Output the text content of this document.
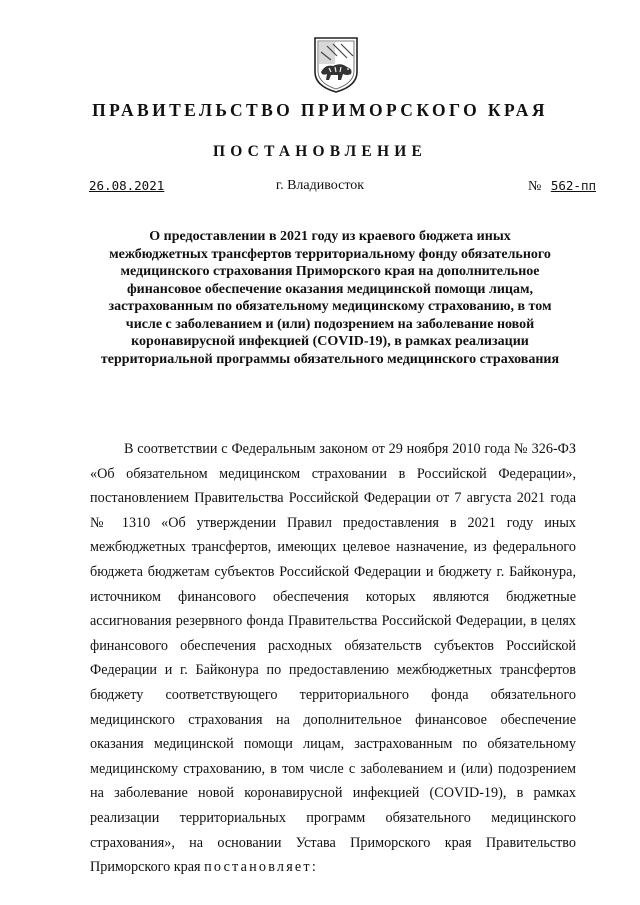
ПРАВИТЕЛЬСТВО ПРИМОРСКОГО КРАЯ
ПОСТАНОВЛЕНИЕ
26.08.2021	г. Владивосток	№ 562-пп

О предоставлении в 2021 году из краевого бюджета иных межбюджетных трансфертов территориальному фонду обязательного медицинского страхования Приморского края на дополнительное финансовое обеспечение оказания медицинской помощи лицам, застрахованным по обязательному медицинскому страхованию, в том числе с заболеванием и (или) подозрением на заболевание новой коронавирусной инфекцией (COVID-19), в рамках реализации территориальной программы обязательного медицинского страхования

В соответствии с Федеральным законом от 29 ноября 2010 года № 326-ФЗ «Об обязательном медицинском страховании в Российской Федерации», постановлением Правительства Российской Федерации от 7 августа 2021 года № 1310 «Об утверждении Правил предоставления в 2021 году иных межбюджетных трансфертов, имеющих целевое назначение, из федерального бюджета бюджетам субъектов Российской Федерации и бюджету г. Байконура, источником финансового обеспечения которых являются бюджетные ассигнования резервного фонда Правительства Российской Федерации, в целях финансового обеспечения расходных обязательств субъектов Российской Федерации и г. Байконура по предоставлению межбюджетных трансфертов бюджету соответствующего территориального фонда обязательного медицинского страхования на дополнительное финансовое обеспечение оказания медицинской помощи лицам, застрахованным по обязательному медицинскому страхованию, в том числе с заболеванием и (или) подозрением на заболевание новой коронавирусной инфекцией (COVID-19), в рамках реализации территориальных программ обязательного медицинского страхования», на основании Устава Приморского края Правительство Приморского края постановляет:
